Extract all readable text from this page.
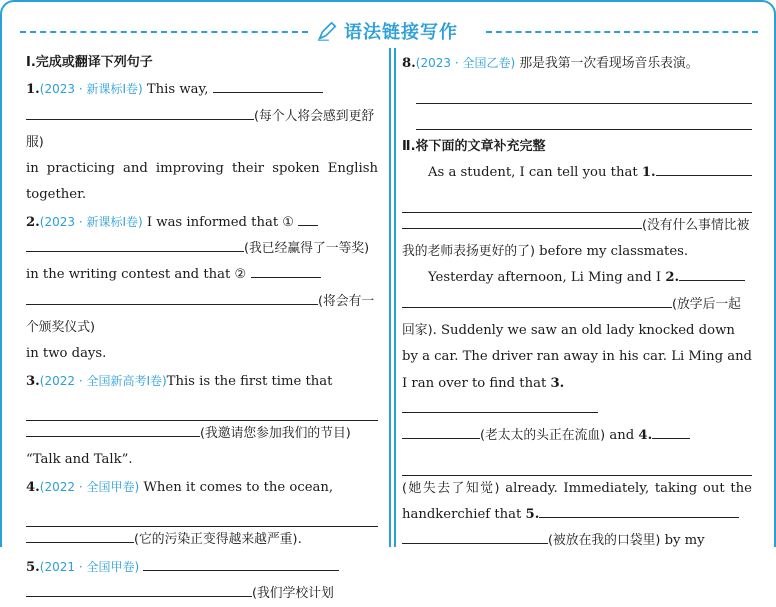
语法链接写作

Ⅰ.完成或翻译下列句子

1.(2023 · 新课标Ⅰ卷) This way,

(每个人将会感到更舒服)

in practicing and improving their spoken English together.

2.(2023 · 新课标Ⅰ卷) I was informed that ①

(我已经赢得了一等奖)

in the writing contest and that ②

(将会有一个颁奖仪式)

in two days.

3.(2022 · 全国新高考Ⅰ卷)This is the first time that

(我邀请您参加我们的节目)

“Talk and Talk”.

4.(2022 · 全国甲卷) When it comes to the ocean,

(它的污染正变得越来越严重).

5.(2021 · 全国甲卷)

(我们学校计划

8.(2023 · 全国乙卷) 那是我第一次看现场音乐表演。

Ⅱ.将下面的文章补充完整

As a student, I can tell you that 1.

(没有什么事情比被我的老师表扬更好的了) before my classmates.

Yesterday afternoon, Li Ming and I 2.

(放学后一起回家). Suddenly we saw an old lady knocked down by a car. The driver ran away in his car. Li Ming and I ran over to find that 3.

(老太太的头正在流血) and 4.

(她失去了知觉) already. Immediately, taking out the handkerchief that 5.

(被放在我的口袋里) by my
